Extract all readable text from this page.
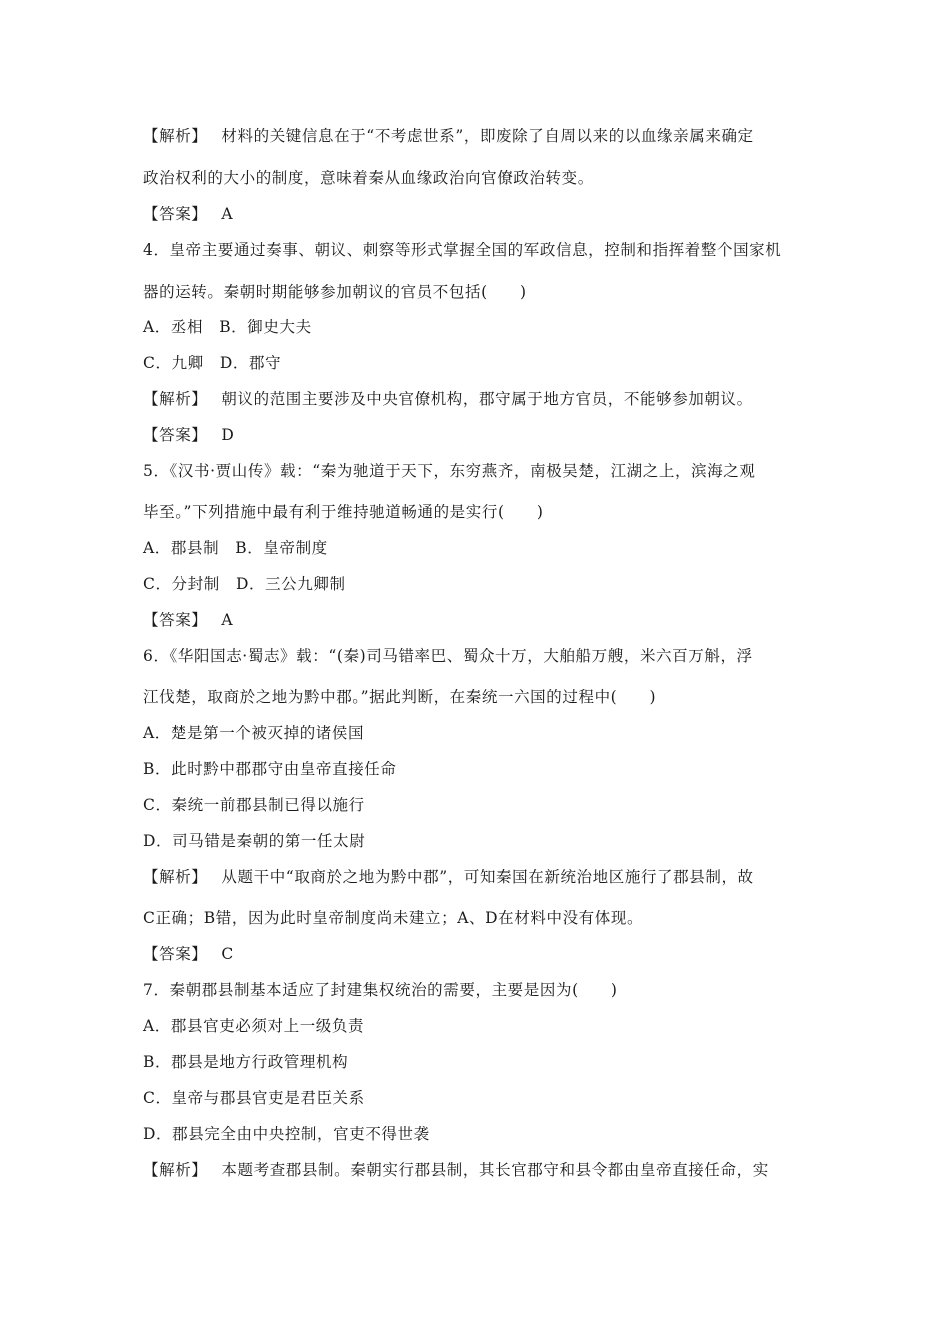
【解析】 材料的关键信息在于“不考虑世系”，即废除了自周以来的以血缘亲属来确定
政治权利的大小的制度，意味着秦从血缘政治向官僚政治转变。
【答案】 A
4．皇帝主要通过奏事、朝议、刺察等形式掌握全国的军政信息，控制和指挥着整个国家机
器的运转。秦朝时期能够参加朝议的官员不包括(　　)
A．丞相　B．御史大夫
C．九卿　D．郡守
【解析】 朝议的范围主要涉及中央官僚机构，郡守属于地方官员，不能够参加朝议。
【答案】 D
5．《汉书·贾山传》载：“秦为驰道于天下，东穷燕齐，南极吴楚，江湖之上，滨海之观
毕至。”下列措施中最有利于维持驰道畅通的是实行(　　)
A．郡县制　B．皇帝制度
C．分封制　D．三公九卿制
【答案】 A
6．《华阳国志·蜀志》载：“(秦)司马错率巴、蜀众十万，大舶船万艘，米六百万斛，浮
江伐楚，取商於之地为黔中郡。”据此判断，在秦统一六国的过程中(　　)
A．楚是第一个被灭掉的诸侯国
B．此时黔中郡郡守由皇帝直接任命
C．秦统一前郡县制已得以施行
D．司马错是秦朝的第一任太尉
【解析】 从题干中“取商於之地为黔中郡”，可知秦国在新统治地区施行了郡县制，故
C正确；B错，因为此时皇帝制度尚未建立；A、D在材料中没有体现。
【答案】 C
7．秦朝郡县制基本适应了封建集权统治的需要，主要是因为(　　)
A．郡县官吏必须对上一级负责
B．郡县是地方行政管理机构
C．皇帝与郡县官吏是君臣关系
D．郡县完全由中央控制，官吏不得世袭
【解析】 本题考查郡县制。秦朝实行郡县制，其长官郡守和县令都由皇帝直接任命，实
